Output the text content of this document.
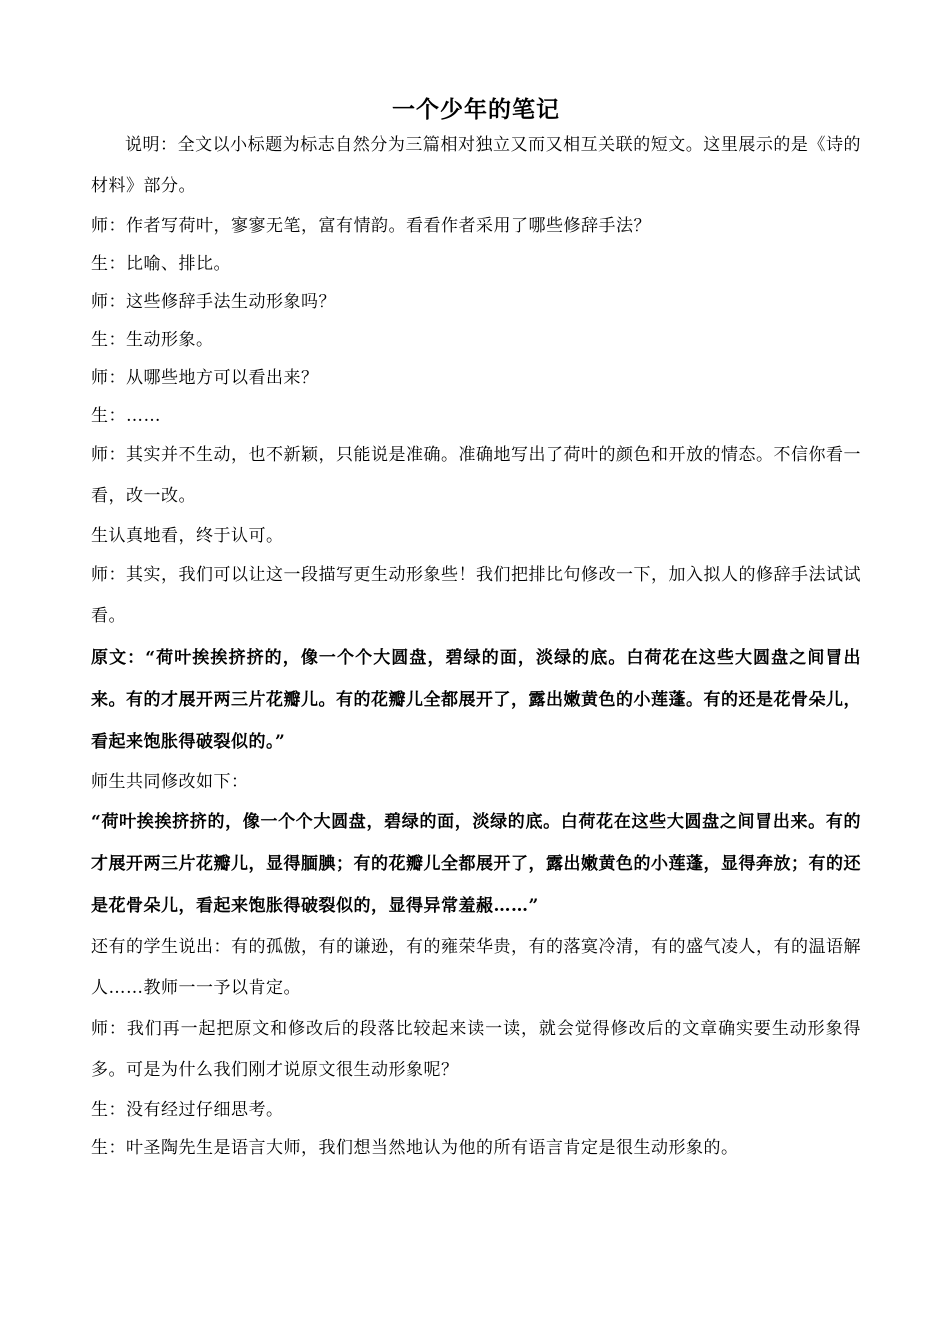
一个少年的笔记

说明：全文以小标题为标志自然分为三篇相对独立又而又相互关联的短文。这里展示的是《诗的材料》部分。

师：作者写荷叶，寥寥无笔，富有情韵。看看作者采用了哪些修辞手法？

生：比喻、排比。

师：这些修辞手法生动形象吗？

生：生动形象。

师：从哪些地方可以看出来？

生：……

师：其实并不生动，也不新颖，只能说是准确。准确地写出了荷叶的颜色和开放的情态。不信你看一看，改一改。

生认真地看，终于认可。

师：其实，我们可以让这一段描写更生动形象些！我们把排比句修改一下，加入拟人的修辞手法试试看。

原文：“荷叶挨挨挤挤的，像一个个大圆盘，碧绿的面，淡绿的底。白荷花在这些大圆盘之间冒出来。有的才展开两三片花瓣儿。有的花瓣儿全都展开了，露出嫩黄色的小莲蓬。有的还是花骨朵儿，看起来饱胀得破裂似的。”

师生共同修改如下：

“荷叶挨挨挤挤的，像一个个大圆盘，碧绿的面，淡绿的底。白荷花在这些大圆盘之间冒出来。有的才展开两三片花瓣儿，显得腼腆；有的花瓣儿全都展开了，露出嫩黄色的小莲蓬，显得奔放；有的还是花骨朵儿，看起来饱胀得破裂似的，显得异常羞赧……”

还有的学生说出：有的孤傲，有的谦逊，有的雍荣华贵，有的落寞冷清，有的盛气凌人，有的温语解人……教师一一予以肯定。

师：我们再一起把原文和修改后的段落比较起来读一读，就会觉得修改后的文章确实要生动形象得多。可是为什么我们刚才说原文很生动形象呢？

生：没有经过仔细思考。

生：叶圣陶先生是语言大师，我们想当然地认为他的所有语言肯定是很生动形象的。
